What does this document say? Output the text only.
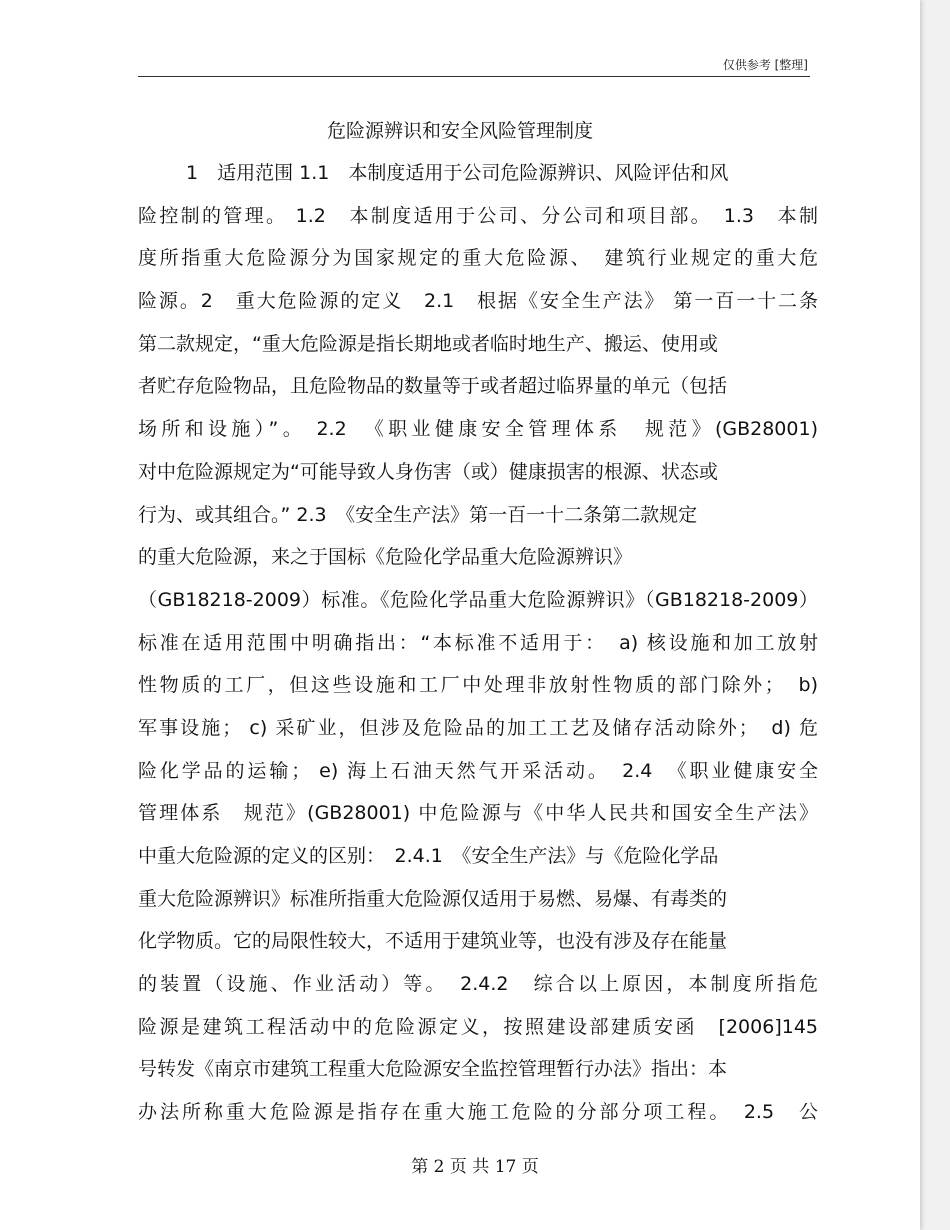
仅供参考 [整理]
危险源辨识和安全风险管理制度
1　适用范围 1.1　本制度适用于公司危险源辨识、风险评估和风
险控制的管理。 1.2　本制度适用于公司、分公司和项目部。　1.3　本制
度所指重大危险源分为国家规定的重大危险源、　建筑行业规定的重大危
险源。2　重大危险源的定义　2.1　根据《安全生产法》 第一百一十二条
第二款规定，“重大危险源是指长期地或者临时地生产、搬运、使用或
者贮存危险物品，且危险物品的数量等于或者超过临界量的单元（包括
场所和设施）”。 2.2　《职业健康安全管理体系　规范》(GB28001)
对中危险源规定为“可能导致人身伤害（或）健康损害的根源、状态或
行为、或其组合。” 2.3　《安全生产法》第一百一十二条第二款规定
的重大危险源，来之于国标《危险化学品重大危险源辨识》
（GB18218-2009）标准。《危险化学品重大危险源辨识》（GB18218-2009）
标准在适用范围中明确指出：“本标准不适用于：　a) 核设施和加工放射
性物质的工厂，但这些设施和工厂中处理非放射性物质的部门除外；　b)
军事设施； c) 采矿业，但涉及危险品的加工工艺及储存活动除外；　d) 危
险化学品的运输； e) 海上石油天然气开采活动。　2.4　《职业健康安全
管理体系　规范》(GB28001) 中危险源与《中华人民共和国安全生产法》
中重大危险源的定义的区别：　2.4.1　《安全生产法》与《危险化学品
重大危险源辨识》标准所指重大危险源仅适用于易燃、易爆、有毒类的
化学物质。它的局限性较大，不适用于建筑业等，也没有涉及存在能量
的装置（设施、作业活动）等。　2.4.2　综合以上原因，本制度所指危
险源是建筑工程活动中的危险源定义，按照建设部建质安函　[2006]145
号转发《南京市建筑工程重大危险源安全监控管理暂行办法》指出：本
办法所称重大危险源是指存在重大施工危险的分部分项工程。　2.5　公
第 2 页 共 17 页
